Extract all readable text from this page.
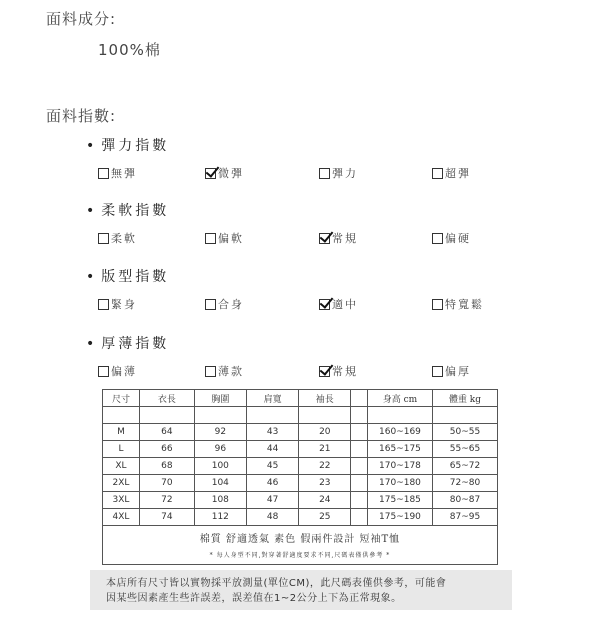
面料成分:
100%棉
面料指數:
• 彈力指數
無彈	微彈	彈力	超彈
• 柔軟指數
柔軟	偏軟	常規	偏硬
• 版型指數
緊身	合身	適中	特寬鬆
• 厚薄指數
偏薄	薄款	常規	偏厚
尺寸	衣長	胸圍	肩寬	袖長		身高 cm	體重 kg

M	64	92	43	20		160~169	50~55
L	66	96	44	21		165~175	55~65
XL	68	100	45	22		170~178	65~72
2XL	70	104	46	23		170~180	72~80
3XL	72	108	47	24		175~185	80~87
4XL	74	112	48	25		175~190	87~95

棉質 舒適透氣 素色 假兩件設計 短袖T恤
* 每人身型不同,對穿著舒適度要求不同,尺碼表僅供參考 *							
本店所有尺寸皆以實物採平放測量(單位CM)，此尺碼表僅供參考，可能會
因某些因素產生些許誤差，誤差值在1~2公分上下為正常現象。
